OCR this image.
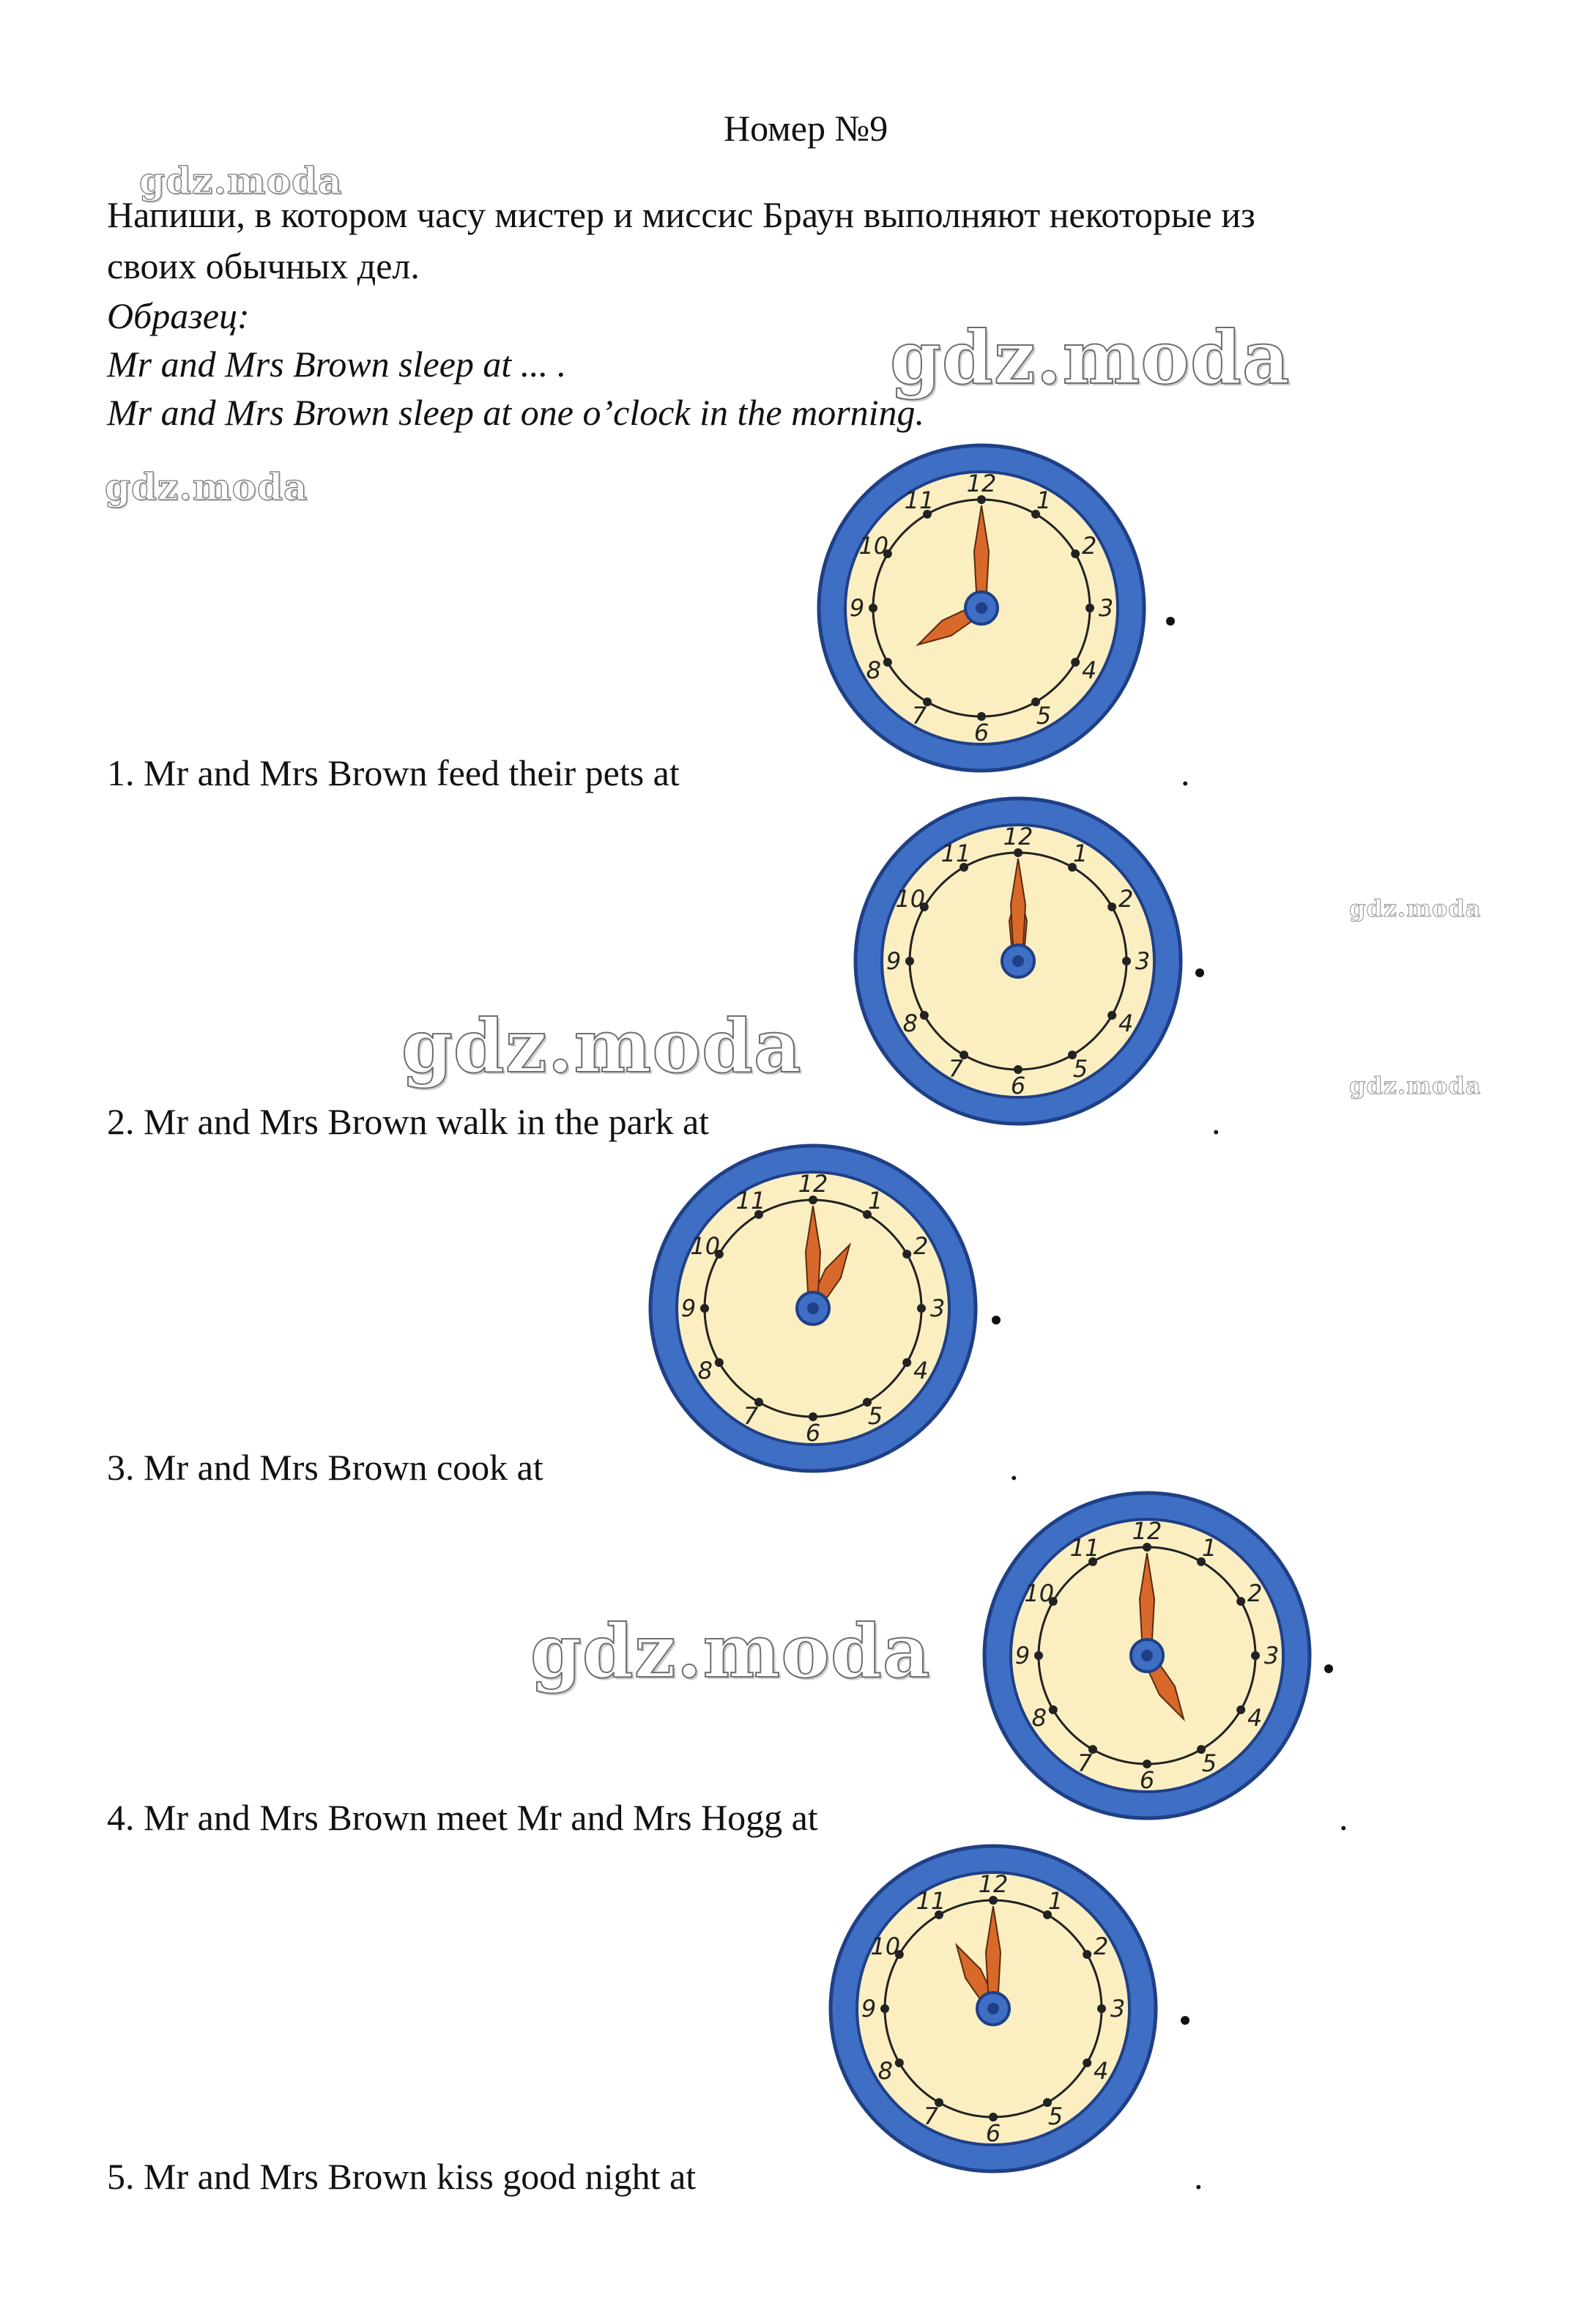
Номер №9
Напиши, в котором часу мистер и миссис Браун выполняют некоторые из
своих обычных дел.
Образец:
Mr and Mrs Brown sleep at ... .
Mr and Mrs Brown sleep at one o’clock in the morning.
gdz.moda
gdz.moda
gdz.moda
gdz.moda
gdz.moda	gdz.moda
gdz.moda
1. Mr and Mrs Brown feed their pets at	.
2. Mr and Mrs Brown walk in the park at	.
3. Mr and Mrs Brown cook at	.
4. Mr and Mrs Brown meet Mr and Mrs Hogg at	.
5. Mr and Mrs Brown kiss good night at	.
12
1
2
3
4
5
6
7
8
9
10
11
12
1
2
3
4
5
6
7
8
9
10
11
12
1
2
3
4
5
6
7
8
9
10
11
12
1
2
3
4
5
6
7
8
9
10
11
12
1
2
3
4
5
6
7
8
9
10
11
